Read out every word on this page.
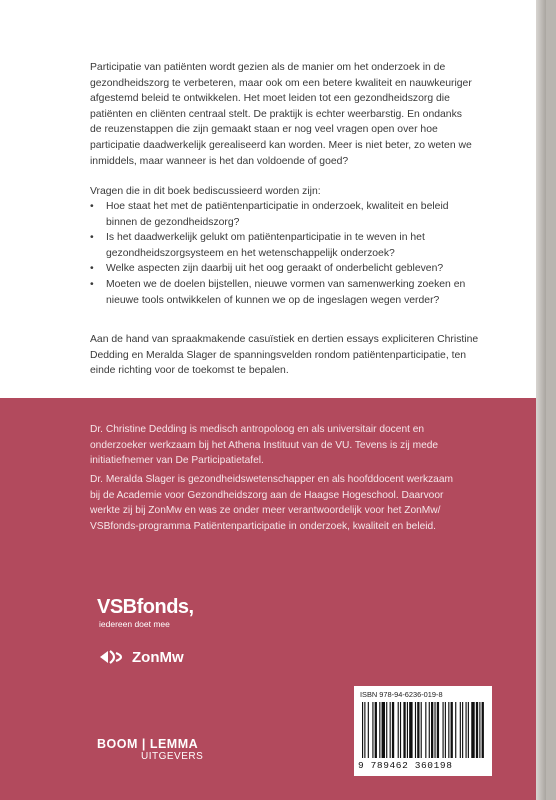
Participatie van patiënten wordt gezien als de manier om het onderzoek in de
gezondheidszorg te verbeteren, maar ook om een betere kwaliteit en nauwkeuriger
afgestemd beleid te ontwikkelen. Het moet leiden tot een gezondheidszorg die
patiënten en cliënten centraal stelt. De praktijk is echter weerbarstig. En ondanks
de reuzenstappen die zijn gemaakt staan er nog veel vragen open over hoe
participatie daadwerkelijk gerealiseerd kan worden. Meer is niet beter, zo weten we
inmiddels, maar wanneer is het dan voldoende of goed?
Vragen die in dit boek bediscussieerd worden zijn:
• Hoe staat het met de patiëntenparticipatie in onderzoek, kwaliteit en beleid
binnen de gezondheidszorg?
• Is het daadwerkelijk gelukt om patiëntenparticipatie in te weven in het
gezondheidszorgsysteem en het wetenschappelijk onderzoek?
• Welke aspecten zijn daarbij uit het oog geraakt of onderbelicht gebleven?
• Moeten we de doelen bijstellen, nieuwe vormen van samenwerking zoeken en
nieuwe tools ontwikkelen of kunnen we op de ingeslagen wegen verder?
Aan de hand van spraakmakende casuïstiek en dertien essays expliciteren Christine
Dedding en Meralda Slager de spanningsvelden rondom patiëntenparticipatie, ten
einde richting voor de toekomst te bepalen.
Dr. Christine Dedding is medisch antropoloog en als universitair docent en
onderzoeker werkzaam bij het Athena Instituut van de VU. Tevens is zij mede
initiatiefnemer van De Participatietafel.
Dr. Meralda Slager is gezondheidswetenschapper en als hoofddocent werkzaam
bij de Academie voor Gezondheidszorg aan de Haagse Hogeschool. Daarvoor
werkte zij bij ZonMw en was ze onder meer verantwoordelijk voor het ZonMw/
VSBfonds-programma Patiëntenparticipatie in onderzoek, kwaliteit en beleid.
VSBfonds,
iedereen doet mee
ZonMw
BOOM | LEMMA
UITGEVERS
ISBN 978-94-6236-019-8
9 789462 360198
